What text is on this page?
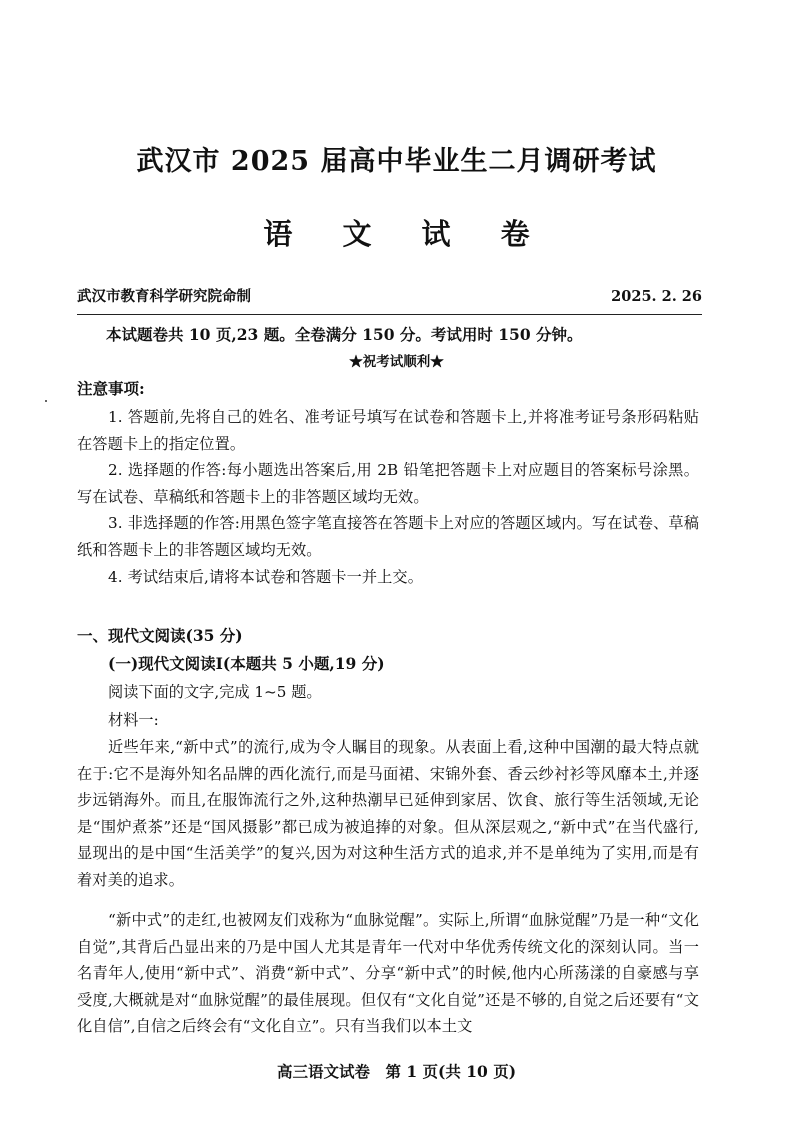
武汉市 2025 届高中毕业生二月调研考试
语 文 试 卷
武汉市教育科学研究院命制	2025. 2. 26
本试题卷共 10 页,23 题。全卷满分 150 分。考试用时 150 分钟。
★祝考试顺利★
注意事项:
1. 答题前,先将自己的姓名、准考证号填写在试卷和答题卡上,并将准考证号条形码粘贴在答题卡上的指定位置。
2. 选择题的作答:每小题选出答案后,用 2B 铅笔把答题卡上对应题目的答案标号涂黑。写在试卷、草稿纸和答题卡上的非答题区域均无效。
3. 非选择题的作答:用黑色签字笔直接答在答题卡上对应的答题区域内。写在试卷、草稿纸和答题卡上的非答题区域均无效。
4. 考试结束后,请将本试卷和答题卡一并上交。
一、现代文阅读(35 分)
(一)现代文阅读Ⅰ(本题共 5 小题,19 分)
阅读下面的文字,完成 1~5 题。
材料一:
近些年来,“新中式”的流行,成为令人瞩目的现象。从表面上看,这种中国潮的最大特点就在于:它不是海外知名品牌的西化流行,而是马面裙、宋锦外套、香云纱衬衫等风靡本土,并逐步远销海外。而且,在服饰流行之外,这种热潮早已延伸到家居、饮食、旅行等生活领域,无论是“围炉煮茶”还是“国风摄影”都已成为被追捧的对象。但从深层观之,“新中式”在当代盛行,显现出的是中国“生活美学”的复兴,因为对这种生活方式的追求,并不是单纯为了实用,而是有着对美的追求。
“新中式”的走红,也被网友们戏称为“血脉觉醒”。实际上,所谓“血脉觉醒”乃是一种“文化自觉”,其背后凸显出来的乃是中国人尤其是青年一代对中华优秀传统文化的深刻认同。当一名青年人,使用“新中式”、消费“新中式”、分享“新中式”的时候,他内心所荡漾的自豪感与享受度,大概就是对“血脉觉醒”的最佳展现。但仅有“文化自觉”还是不够的,自觉之后还要有“文化自信”,自信之后终会有“文化自立”。只有当我们以本土文
高三语文试卷　第 1 页(共 10 页)
